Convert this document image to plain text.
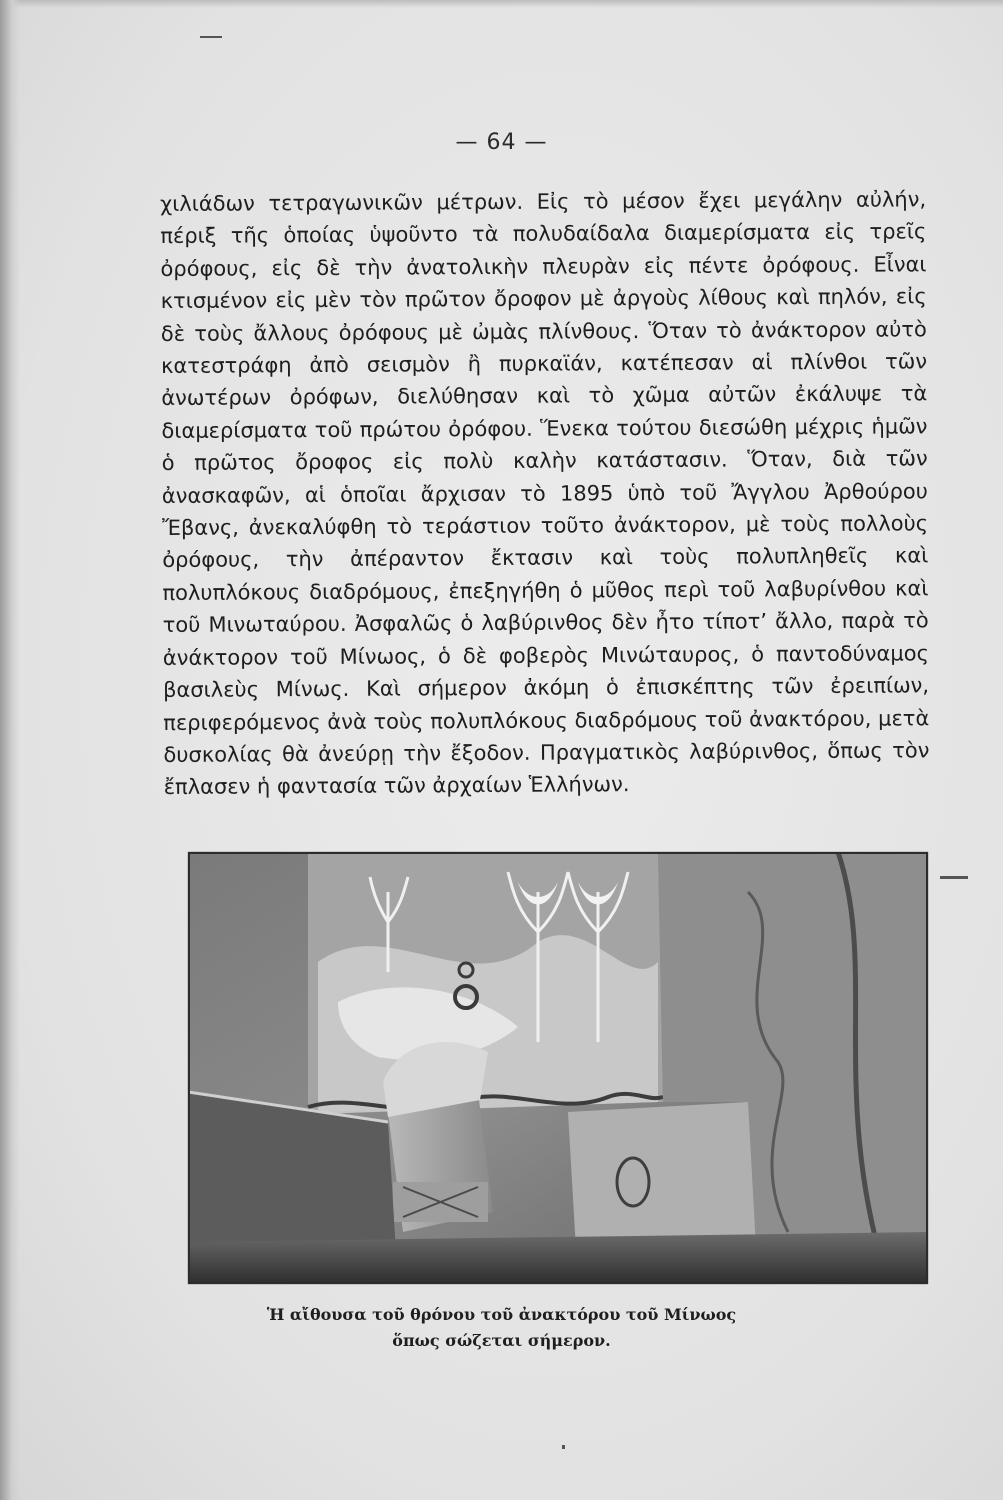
— 64 —

χιλιάδων τετραγωνικῶν μέτρων. Εἰς τὸ μέσον ἔχει μεγάλην αὐλήν, πέριξ τῆς ὁποίας ὑψοῦντο τὰ πολυδαίδαλα διαμερίσματα εἰς τρεῖς ὀρόφους, εἰς δὲ τὴν ἀνατολικὴν πλευρὰν εἰς πέντε ὀρόφους. Εἶναι κτισμένον εἰς μὲν τὸν πρῶτον ὄροφον μὲ ἀργοὺς λίθους καὶ πηλόν, εἰς δὲ τοὺς ἄλλους ὀρόφους μὲ ὠμὰς πλίνθους. Ὅταν τὸ ἀνάκτορον αὐτὸ κατεστράφη ἀπὸ σεισμὸν ἢ πυρκαϊάν, κατέπεσαν αἱ πλίνθοι τῶν ἀνωτέρων ὀρόφων, διελύθησαν καὶ τὸ χῶμα αὐτῶν ἐκάλυψε τὰ διαμερίσματα τοῦ πρώτου ὀρόφου. Ἕνεκα τούτου διεσώθη μέχρις ἡμῶν ὁ πρῶτος ὄροφος εἰς πολὺ καλὴν κατάστασιν. Ὅταν, διὰ τῶν ἀνασκαφῶν, αἱ ὁποῖαι ἄρχισαν τὸ 1895 ὑπὸ τοῦ Ἄγγλου Ἀρθούρου Ἔβανς, ἀνεκαλύφθη τὸ τεράστιον τοῦτο ἀνάκτορον, μὲ τοὺς πολλοὺς ὀρόφους, τὴν ἀπέραντον ἔκτασιν καὶ τοὺς πολυπληθεῖς καὶ πολυπλόκους διαδρόμους, ἐπεξηγήθη ὁ μῦθος περὶ τοῦ λαβυρίνθου καὶ τοῦ Μινωταύρου. Ἀσφαλῶς ὁ λαβύρινθος δὲν ἦτο τίποτ’ ἄλλο, παρὰ τὸ ἀνάκτορον τοῦ Μίνωος, ὁ δὲ φοβερὸς Μινώταυρος, ὁ παντοδύναμος βασιλεὺς Μίνως. Καὶ σήμερον ἀκόμη ὁ ἐπισκέπτης τῶν ἐρειπίων, περιφερόμενος ἀνὰ τοὺς πολυπλόκους διαδρόμους τοῦ ἀνακτόρου, μετὰ δυσκολίας θὰ ἀνεύρῃ τὴν ἔξοδον. Πραγματικὸς λαβύρινθος, ὅπως τὸν ἔπλασεν ἡ φαντασία τῶν ἀρχαίων Ἑλλήνων.

Ἡ αἴθουσα τοῦ θρόνου τοῦ ἀνακτόρου τοῦ Μίνωος
ὅπως σώζεται σήμερον.
